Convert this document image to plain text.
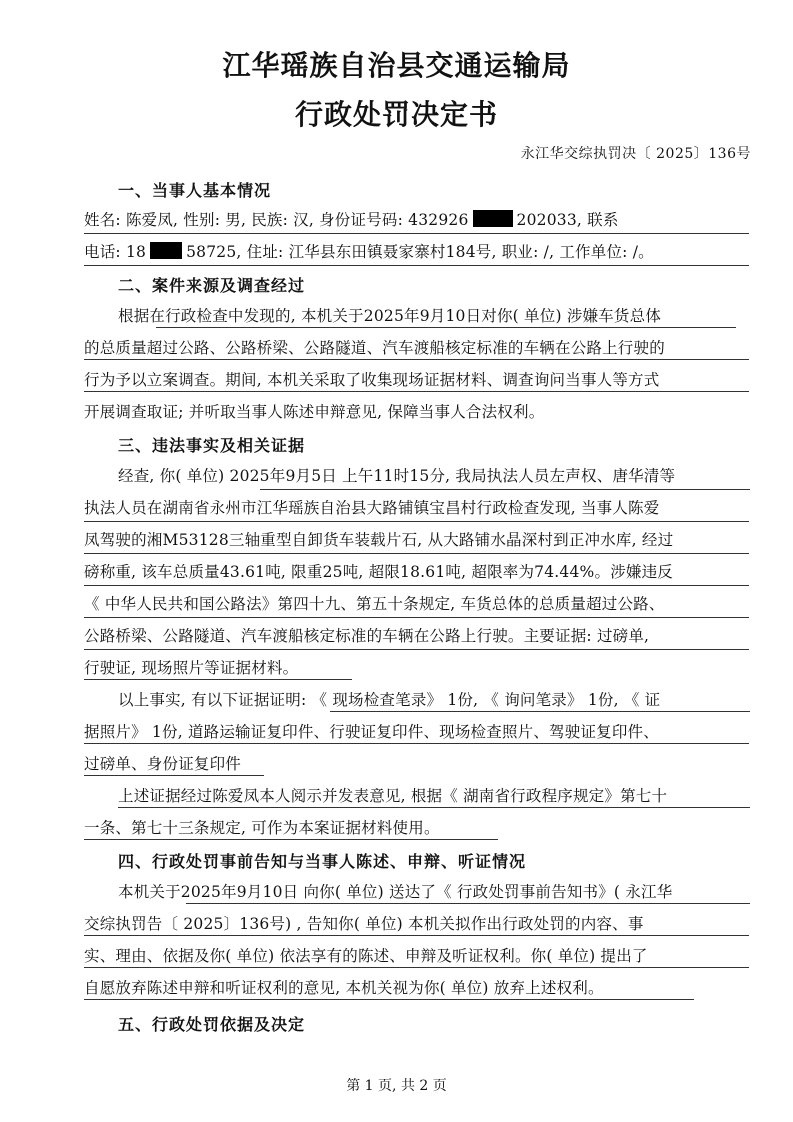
江华瑶族自治县交通运输局
行政处罚决定书
永江华交综执罚决〔 2025〕136号
一、当事人基本情况
姓名: 陈爱凤, 性别: 男, 民族: 汉, 身份证号码: 432926	202033, 联系
电话: 18	58725, 住址: 江华县东田镇聂家寨村184号, 职业: /, 工作单位: /。
二、案件来源及调查经过
根据在行政检查中发现的, 本机关于2025年9月10日对你( 单位) 涉嫌车货总体
的总质量超过公路、公路桥梁、公路隧道、汽车渡船核定标准的车辆在公路上行驶的
行为予以立案调查。期间, 本机关采取了收集现场证据材料、调查询问当事人等方式
开展调查取证; 并听取当事人陈述申辩意见, 保障当事人合法权利。
三、违法事实及相关证据
经查, 你( 单位) 2025年9月5日 上午11时15分, 我局执法人员左声权、唐华清等
执法人员在湖南省永州市江华瑶族自治县大路铺镇宝昌村行政检查发现, 当事人陈爱
凤驾驶的湘M53128三轴重型自卸货车装载片石, 从大路铺水晶深村到正冲水库, 经过
磅称重, 该车总质量43.61吨, 限重25吨, 超限18.61吨, 超限率为74.44%。涉嫌违反
《 中华人民共和国公路法》第四十九、第五十条规定, 车货总体的总质量超过公路、
公路桥梁、公路隧道、汽车渡船核定标准的车辆在公路上行驶。主要证据: 过磅单,
行驶证, 现场照片等证据材料。
以上事实, 有以下证据证明: 《 现场检查笔录》 1份, 《 询问笔录》 1份, 《 证
据照片》 1份, 道路运输证复印件、行驶证复印件、现场检查照片、驾驶证复印件、
过磅单、身份证复印件
上述证据经过陈爱凤本人阅示并发表意见, 根据《 湖南省行政程序规定》第七十
一条、第七十三条规定, 可作为本案证据材料使用。
四、行政处罚事前告知与当事人陈述、申辩、听证情况
本机关于2025年9月10日 向你( 单位) 送达了《 行政处罚事前告知书》( 永江华
交综执罚告〔 2025〕136号) , 告知你( 单位) 本机关拟作出行政处罚的内容、事
实、理由、依据及你( 单位) 依法享有的陈述、申辩及听证权利。你( 单位) 提出了
自愿放弃陈述申辩和听证权利的意见, 本机关视为你( 单位) 放弃上述权利。
五、行政处罚依据及决定
第 1 页, 共 2 页
